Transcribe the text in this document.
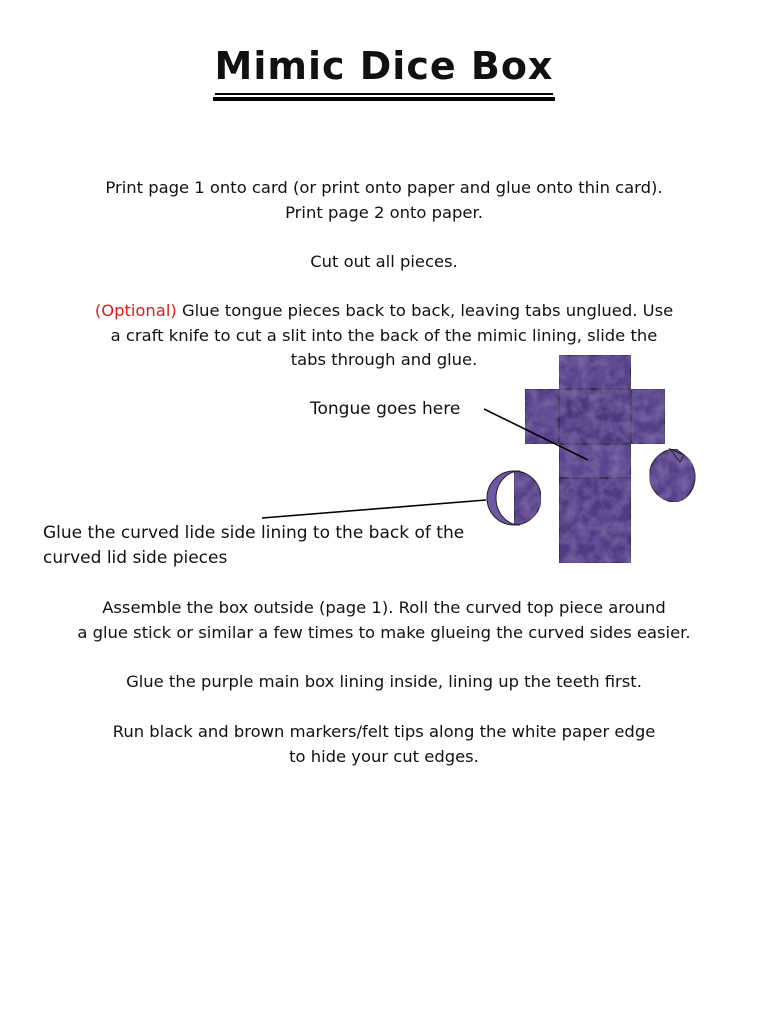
Mimic Dice Box

Print page 1 onto card (or print onto paper and glue onto thin card).
Print page 2 onto paper.

Cut out all pieces.

(Optional) Glue tongue pieces back to back, leaving tabs unglued. Use
a craft knife to cut a slit into the back of the mimic lining, slide the
tabs through and glue.

Tongue goes here

Glue the curved lide side lining to the back of the
curved lid side pieces

Assemble the box outside (page 1). Roll the curved top piece around
a glue stick or similar a few times to make glueing the curved sides easier.

Glue the purple main box lining inside, lining up the teeth first.

Run black and brown markers/felt tips along the white paper edge
to hide your cut edges.
